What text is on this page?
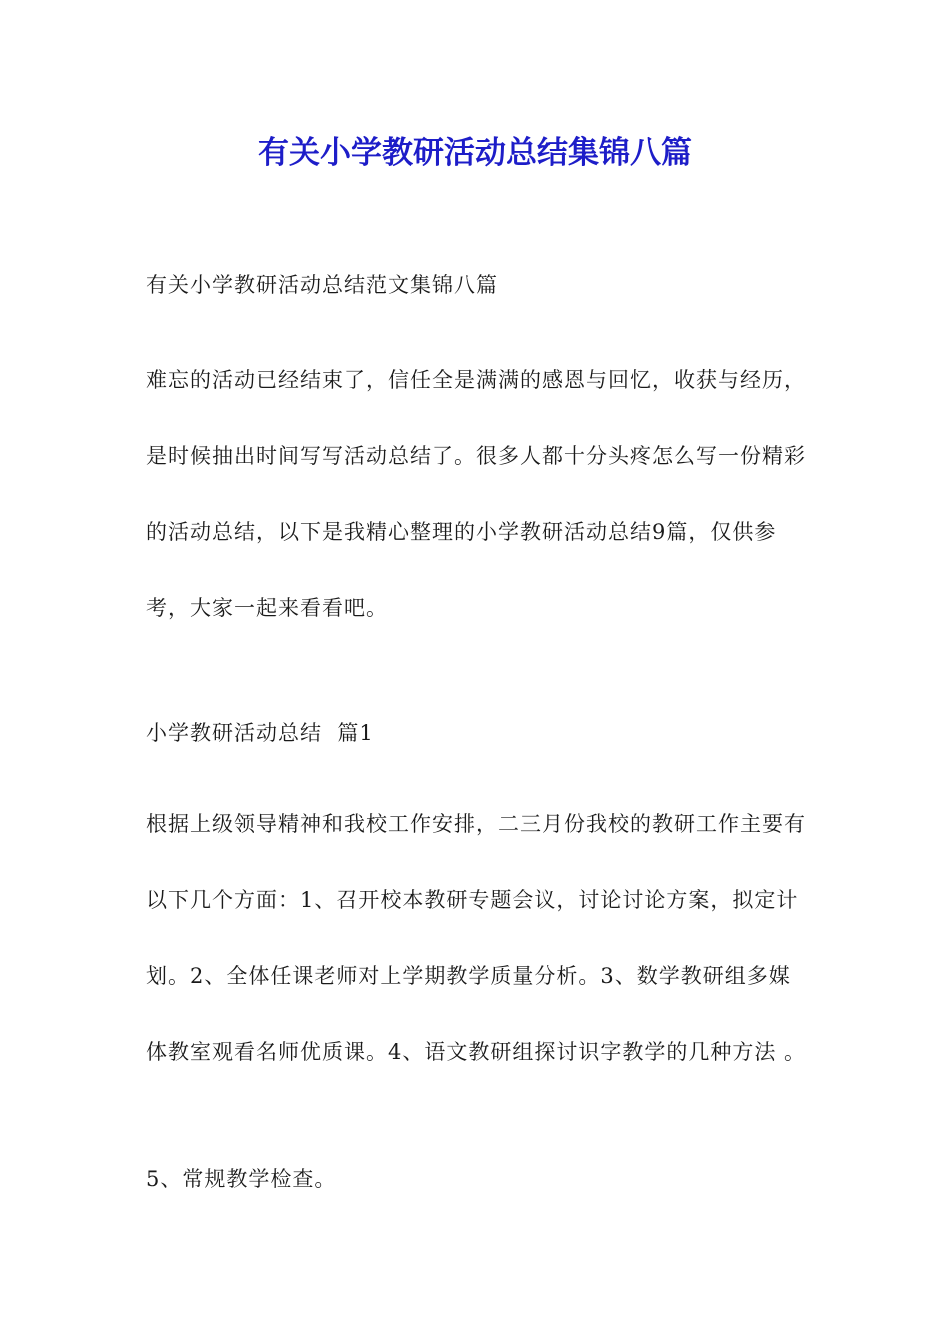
有关小学教研活动总结集锦八篇

有关小学教研活动总结范文集锦八篇

难忘的活动已经结束了，信任全是满满的感恩与回忆，收获与经历，是时候抽出时间写写活动总结了。很多人都十分头疼怎么写一份精彩的活动总结，以下是我精心整理的小学教研活动总结9篇，仅供参考，大家一起来看看吧。

小学教研活动总结  篇1

根据上级领导精神和我校工作安排，二三月份我校的教研工作主要有以下几个方面：1、召开校本教研专题会议，讨论讨论方案，拟定计划。2、全体任课老师对上学期教学质量分析。3、数学教研组多媒体教室观看名师优质课。4、语文教研组探讨识字教学的几种方法 。

5、常规教学检查。
